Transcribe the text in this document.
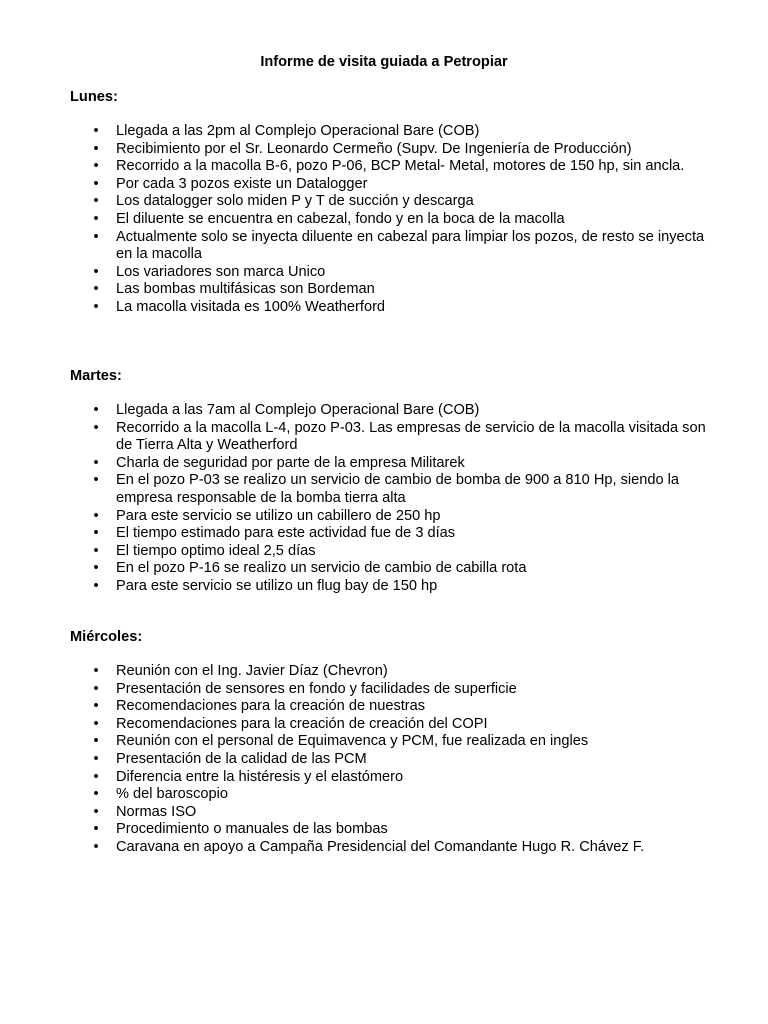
Informe de visita guiada a Petropiar
Lunes:
• Llegada a las 2pm al Complejo Operacional Bare (COB)
• Recibimiento por el Sr. Leonardo Cermeño (Supv. De Ingeniería de Producción)
• Recorrido a la macolla B-6, pozo P-06, BCP Metal- Metal, motores de 150 hp, sin ancla.
• Por cada 3 pozos existe un Datalogger
• Los datalogger solo miden P y T de succión y descarga
• El diluente se encuentra en cabezal, fondo y en la boca de la macolla
• Actualmente solo se inyecta diluente en cabezal para limpiar los pozos, de resto se inyecta en la macolla
• Los variadores son marca Unico
• Las bombas multifásicas son Bordeman
• La macolla visitada es 100% Weatherford
Martes:
• Llegada a las 7am al Complejo Operacional Bare (COB)
• Recorrido a la macolla L-4, pozo P-03. Las empresas de servicio de la macolla visitada son de Tierra Alta y Weatherford
• Charla de seguridad por parte de la empresa Militarek
• En el pozo P-03 se realizo un servicio de cambio de bomba de 900 a 810 Hp, siendo la empresa responsable de la bomba tierra alta
• Para este servicio se utilizo un cabillero de 250 hp
• El tiempo estimado para este actividad fue de 3 días
• El tiempo optimo ideal 2,5 días
• En el pozo P-16 se realizo un servicio de cambio de cabilla rota
• Para este servicio se utilizo un flug bay de 150 hp
Miércoles:
• Reunión con el Ing. Javier Díaz (Chevron)
• Presentación de sensores en fondo y facilidades de superficie
• Recomendaciones para la creación de nuestras
• Recomendaciones para la creación de creación del COPI
• Reunión con el personal de Equimavenca y PCM, fue realizada en ingles
• Presentación de la calidad de las PCM
• Diferencia entre la histéresis y el elastómero
• % del baroscopio
• Normas ISO
• Procedimiento o manuales de las bombas
• Caravana en apoyo a Campaña Presidencial del Comandante Hugo R. Chávez F.
